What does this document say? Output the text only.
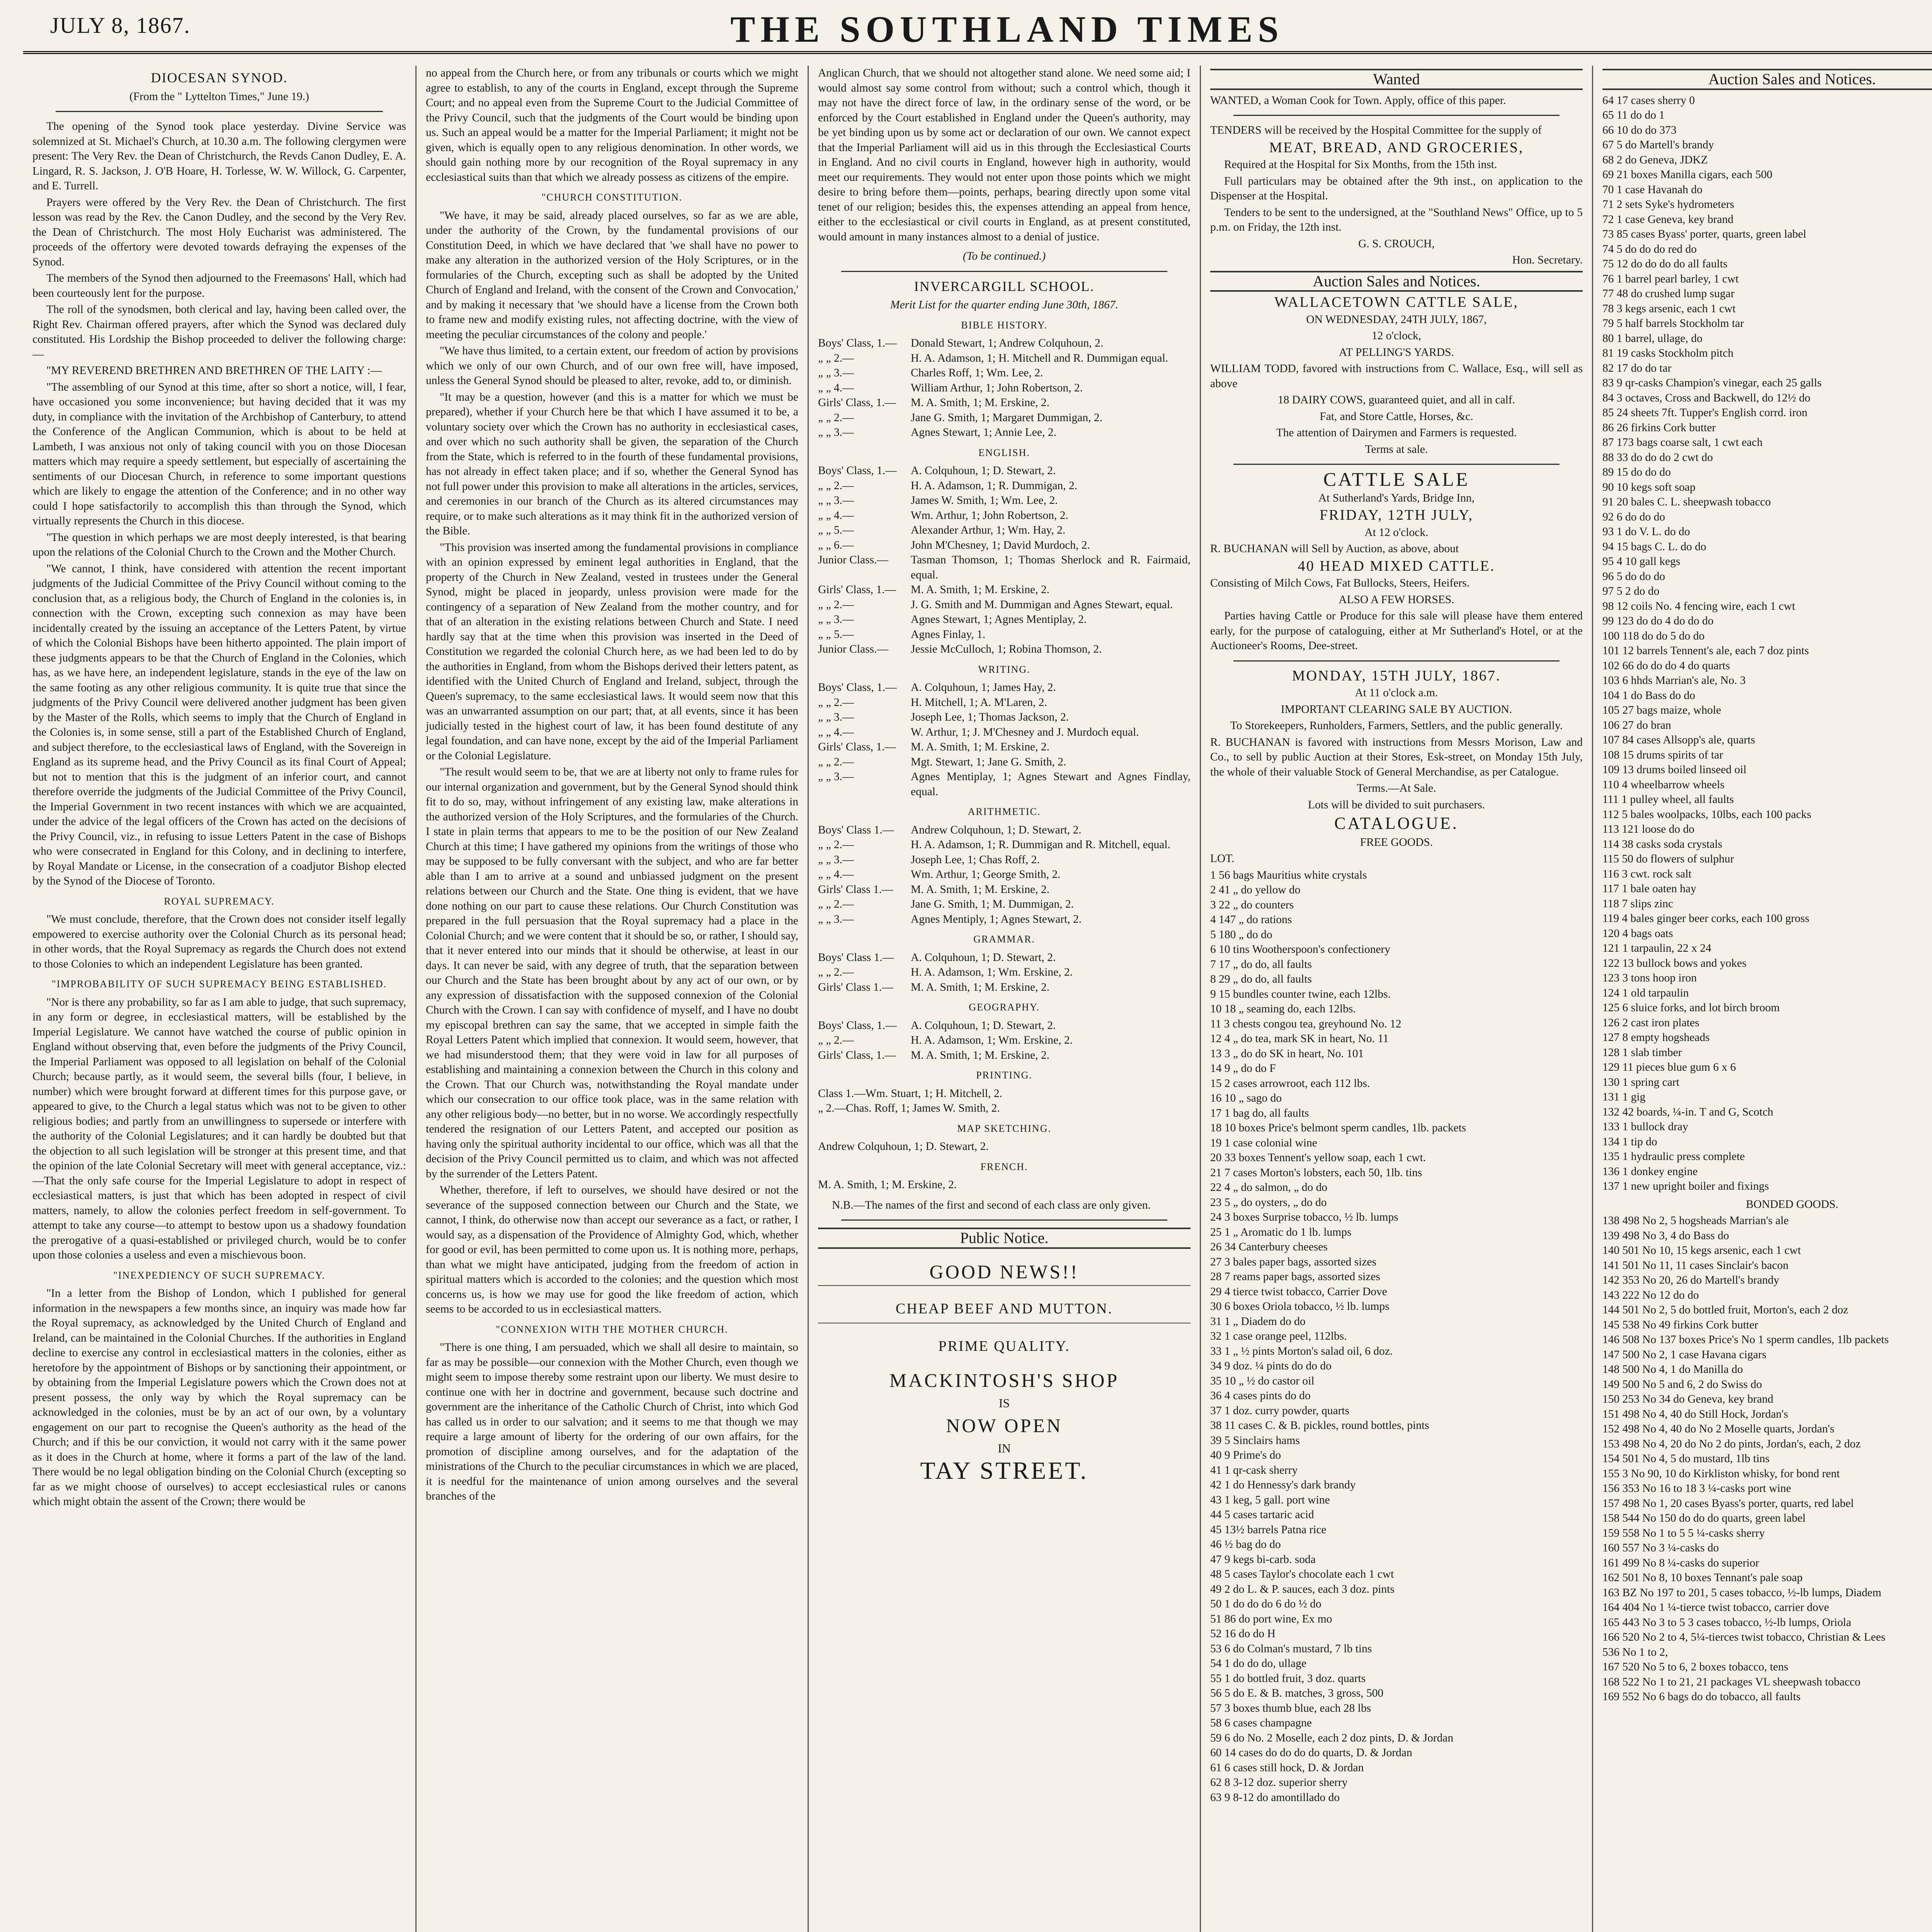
JULY 8, 1867.	THE SOUTHLAND TIMES
DIOCESAN SYNOD.

(From the " Lyttelton Times," June 19.)

The opening of the Synod took place yesterday. Divine Service was solemnized at St. Michael's Church, at 10.30 a.m. The following clergymen were present: The Very Rev. the Dean of Christchurch, the Revds Canon Dudley, E. A. Lingard, R. S. Jackson, J. O'B Hoare, H. Torlesse, W. W. Willock, G. Carpenter, and E. Turrell.

Prayers were offered by the Very Rev. the Dean of Christchurch. The first lesson was read by the Rev. the Canon Dudley, and the second by the Very Rev. the Dean of Christchurch. The most Holy Eucharist was administered. The proceeds of the offertory were devoted towards defraying the expenses of the Synod.

The members of the Synod then adjourned to the Freemasons' Hall, which had been courteously lent for the purpose.

The roll of the synodsmen, both clerical and lay, having been called over, the Right Rev. Chairman offered prayers, after which the Synod was declared duly constituted. His Lordship the Bishop proceeded to deliver the following charge:—

"MY REVEREND BRETHREN AND BRETHREN OF THE LAITY :—

"The assembling of our Synod at this time, after so short a notice, will, I fear, have occasioned you some inconvenience; but having decided that it was my duty, in compliance with the invitation of the Archbishop of Canterbury, to attend the Conference of the Anglican Communion, which is about to be held at Lambeth, I was anxious not only of taking council with you on those Diocesan matters which may require a speedy settlement, but especially of ascertaining the sentiments of our Diocesan Church, in reference to some important questions which are likely to engage the attention of the Conference; and in no other way could I hope satisfactorily to accomplish this than through the Synod, which virtually represents the Church in this diocese.

"The question in which perhaps we are most deeply interested, is that bearing upon the relations of the Colonial Church to the Crown and the Mother Church.

"We cannot, I think, have considered with attention the recent important judgments of the Judicial Committee of the Privy Council without coming to the conclusion that, as a religious body, the Church of England in the colonies is, in connection with the Crown, excepting such connexion as may have been incidentally created by the issuing an acceptance of the Letters Patent, by virtue of which the Colonial Bishops have been hitherto appointed. The plain import of these judgments appears to be that the Church of England in the Colonies, which has, as we have here, an independent legislature, stands in the eye of the law on the same footing as any other religious community. It is quite true that since the judgments of the Privy Council were delivered another judgment has been given by the Master of the Rolls, which seems to imply that the Church of England in the Colonies is, in some sense, still a part of the Established Church of England, and subject therefore, to the ecclesiastical laws of England, with the Sovereign in England as its supreme head, and the Privy Council as its final Court of Appeal; but not to mention that this is the judgment of an inferior court, and cannot therefore override the judgments of the Judicial Committee of the Privy Council, the Imperial Government in two recent instances with which we are acquainted, under the advice of the legal officers of the Crown has acted on the decisions of the Privy Council, viz., in refusing to issue Letters Patent in the case of Bishops who were consecrated in England for this Colony, and in declining to interfere, by Royal Mandate or License, in the consecration of a coadjutor Bishop elected by the Synod of the Diocese of Toronto.

ROYAL SUPREMACY.

"We must conclude, therefore, that the Crown does not consider itself legally empowered to exercise authority over the Colonial Church as its personal head; in other words, that the Royal Supremacy as regards the Church does not extend to those Colonies to which an independent Legislature has been granted.

"IMPROBABILITY OF SUCH SUPREMACY BEING ESTABLISHED.

"Nor is there any probability, so far as I am able to judge, that such supremacy, in any form or degree, in ecclesiastical matters, will be established by the Imperial Legislature. We cannot have watched the course of public opinion in England without observing that, even before the judgments of the Privy Council, the Imperial Parliament was opposed to all legislation on behalf of the Colonial Church; because partly, as it would seem, the several bills (four, I believe, in number) which were brought forward at different times for this purpose gave, or appeared to give, to the Church a legal status which was not to be given to other religious bodies; and partly from an unwillingness to supersede or interfere with the authority of the Colonial Legislatures; and it can hardly be doubted but that the objection to all such legislation will be stronger at this present time, and that the opinion of the late Colonial Secretary will meet with general acceptance, viz.:—That the only safe course for the Imperial Legislature to adopt in respect of ecclesiastical matters, is just that which has been adopted in respect of civil matters, namely, to allow the colonies perfect freedom in self-government. To attempt to take any course—to attempt to bestow upon us a shadowy foundation the prerogative of a quasi-established or privileged church, would be to confer upon those colonies a useless and even a mischievous boon.

"INEXPEDIENCY OF SUCH SUPREMACY.

"In a letter from the Bishop of London, which I published for general information in the newspapers a few months since, an inquiry was made how far the Royal supremacy, as acknowledged by the United Church of England and Ireland, can be maintained in the Colonial Churches. If the authorities in England decline to exercise any control in ecclesiastical matters in the colonies, either as heretofore by the appointment of Bishops or by sanctioning their appointment, or by obtaining from the Imperial Legislature powers which the Crown does not at present possess, the only way by which the Royal supremacy can be acknowledged in the colonies, must be by an act of our own, by a voluntary engagement on our part to recognise the Queen's authority as the head of the Church; and if this be our conviction, it would not carry with it the same power as it does in the Church at home, where it forms a part of the law of the land. There would be no legal obligation binding on the Colonial Church (excepting so far as we might choose of ourselves) to accept ecclesiastical rules or canons which might obtain the assent of the Crown; there would be

no appeal from the Church here, or from any tribunals or courts which we might agree to establish, to any of the courts in England, except through the Supreme Court; and no appeal even from the Supreme Court to the Judicial Committee of the Privy Council, such that the judgments of the Court would be binding upon us. Such an appeal would be a matter for the Imperial Parliament; it might not be given, which is equally open to any religious denomination. In other words, we should gain nothing more by our recognition of the Royal supremacy in any ecclesiastical suits than that which we already possess as citizens of the empire.

"CHURCH CONSTITUTION.

"We have, it may be said, already placed ourselves, so far as we are able, under the authority of the Crown, by the fundamental provisions of our Constitution Deed, in which we have declared that 'we shall have no power to make any alteration in the authorized version of the Holy Scriptures, or in the formularies of the Church, excepting such as shall be adopted by the United Church of England and Ireland, with the consent of the Crown and Convocation,' and by making it necessary that 'we should have a license from the Crown both to frame new and modify existing rules, not affecting doctrine, with the view of meeting the peculiar circumstances of the colony and people.'

"We have thus limited, to a certain extent, our freedom of action by provisions which we only of our own Church, and of our own free will, have imposed, unless the General Synod should be pleased to alter, revoke, add to, or diminish.

"It may be a question, however (and this is a matter for which we must be prepared), whether if your Church here be that which I have assumed it to be, a voluntary society over which the Crown has no authority in ecclesiastical cases, and over which no such authority shall be given, the separation of the Church from the State, which is referred to in the fourth of these fundamental provisions, has not already in effect taken place; and if so, whether the General Synod has not full power under this provision to make all alterations in the articles, services, and ceremonies in our branch of the Church as its altered circumstances may require, or to make such alterations as it may think fit in the authorized version of the Bible.

"This provision was inserted among the fundamental provisions in compliance with an opinion expressed by eminent legal authorities in England, that the property of the Church in New Zealand, vested in trustees under the General Synod, might be placed in jeopardy, unless provision were made for the contingency of a separation of New Zealand from the mother country, and for that of an alteration in the existing relations between Church and State. I need hardly say that at the time when this provision was inserted in the Deed of Constitution we regarded the colonial Church here, as we had been led to do by the authorities in England, from whom the Bishops derived their letters patent, as identified with the United Church of England and Ireland, subject, through the Queen's supremacy, to the same ecclesiastical laws. It would seem now that this was an unwarranted assumption on our part; that, at all events, since it has been judicially tested in the highest court of law, it has been found destitute of any legal foundation, and can have none, except by the aid of the Imperial Parliament or the Colonial Legislature.

"The result would seem to be, that we are at liberty not only to frame rules for our internal organization and government, but by the General Synod should think fit to do so, may, without infringement of any existing law, make alterations in the authorized version of the Holy Scriptures, and the formularies of the Church. I state in plain terms that appears to me to be the position of our New Zealand Church at this time; I have gathered my opinions from the writings of those who may be supposed to be fully conversant with the subject, and who are far better able than I am to arrive at a sound and unbiassed judgment on the present relations between our Church and the State. One thing is evident, that we have done nothing on our part to cause these relations. Our Church Constitution was prepared in the full persuasion that the Royal supremacy had a place in the Colonial Church; and we were content that it should be so, or rather, I should say, that it never entered into our minds that it should be otherwise, at least in our days. It can never be said, with any degree of truth, that the separation between our Church and the State has been brought about by any act of our own, or by any expression of dissatisfaction with the supposed connexion of the Colonial Church with the Crown. I can say with confidence of myself, and I have no doubt my episcopal brethren can say the same, that we accepted in simple faith the Royal Letters Patent which implied that connexion. It would seem, however, that we had misunderstood them; that they were void in law for all purposes of establishing and maintaining a connexion between the Church in this colony and the Crown. That our Church was, notwithstanding the Royal mandate under which our consecration to our office took place, was in the same relation with any other religious body—no better, but in no worse. We accordingly respectfully tendered the resignation of our Letters Patent, and accepted our position as having only the spiritual authority incidental to our office, which was all that the decision of the Privy Council permitted us to claim, and which was not affected by the surrender of the Letters Patent.

Whether, therefore, if left to ourselves, we should have desired or not the severance of the supposed connection between our Church and the State, we cannot, I think, do otherwise now than accept our severance as a fact, or rather, I would say, as a dispensation of the Providence of Almighty God, which, whether for good or evil, has been permitted to come upon us. It is nothing more, perhaps, than what we might have anticipated, judging from the freedom of action in spiritual matters which is accorded to the colonies; and the question which most concerns us, is how we may use for good the like freedom of action, which seems to be accorded to us in ecclesiastical matters.

"CONNEXION WITH THE MOTHER CHURCH.

"There is one thing, I am persuaded, which we shall all desire to maintain, so far as may be possible—our connexion with the Mother Church, even though we might seem to impose thereby some restraint upon our liberty. We must desire to continue one with her in doctrine and government, because such doctrine and government are the inheritance of the Catholic Church of Christ, into which God has called us in order to our salvation; and it seems to me that though we may require a large amount of liberty for the ordering of our own affairs, for the promotion of discipline among ourselves, and for the adaptation of the ministrations of the Church to the peculiar circumstances in which we are placed, it is needful for the maintenance of union among ourselves and the several branches of the

Anglican Church, that we should not altogether stand alone. We need some aid; I would almost say some control from without; such a control which, though it may not have the direct force of law, in the ordinary sense of the word, or be enforced by the Court established in England under the Queen's authority, may be yet binding upon us by some act or declaration of our own. We cannot expect that the Imperial Parliament will aid us in this through the Ecclesiastical Courts in England. And no civil courts in England, however high in authority, would meet our requirements. They would not enter upon those points which we might desire to bring before them—points, perhaps, bearing directly upon some vital tenet of our religion; besides this, the expenses attending an appeal from hence, either to the ecclesiastical or civil courts in England, as at present constituted, would amount in many instances almost to a denial of justice.

(To be continued.)
INVERCARGILL SCHOOL.

Merit List for the quarter ending June 30th, 1867.

BIBLE HISTORY.
Boys' Class, 1.—	Donald Stewart, 1; Andrew Colquhoun, 2.
„ „ 2.—	H. A. Adamson, 1; H. Mitchell and R. Dummigan equal.
„ „ 3.—	Charles Roff, 1; Wm. Lee, 2.
„ „ 4.—	William Arthur, 1; John Robertson, 2.
Girls' Class, 1.—	M. A. Smith, 1; M. Erskine, 2.
„ „ 2.—	Jane G. Smith, 1; Margaret Dummigan, 2.
„ „ 3.—	Agnes Stewart, 1; Annie Lee, 2.
ENGLISH.
Boys' Class, 1.—	A. Colquhoun, 1; D. Stewart, 2.
„ „ 2.—	H. A. Adamson, 1; R. Dummigan, 2.
„ „ 3.—	James W. Smith, 1; Wm. Lee, 2.
„ „ 4.—	Wm. Arthur, 1; John Robertson, 2.
„ „ 5.—	Alexander Arthur, 1; Wm. Hay, 2.
„ „ 6.—	John M'Chesney, 1; David Murdoch, 2.
Junior Class.—	Tasman Thomson, 1; Thomas Sherlock and R. Fairmaid, equal.
Girls' Class, 1.—	M. A. Smith, 1; M. Erskine, 2.
„ „ 2.—	J. G. Smith and M. Dummigan and Agnes Stewart, equal.
„ „ 3.—	Agnes Stewart, 1; Agnes Mentiplay, 2.
„ „ 5.—	Agnes Finlay, 1.
Junior Class.—	Jessie McCulloch, 1; Robina Thomson, 2.
WRITING.
Boys' Class, 1.—	A. Colquhoun, 1; James Hay, 2.
„ „ 2.—	H. Mitchell, 1; A. M'Laren, 2.
„ „ 3.—	Joseph Lee, 1; Thomas Jackson, 2.
„ „ 4.—	W. Arthur, 1; J. M'Chesney and J. Murdoch equal.
Girls' Class, 1.—	M. A. Smith, 1; M. Erskine, 2.
„ „ 2.—	Mgt. Stewart, 1; Jane G. Smith, 2.
„ „ 3.—	Agnes Mentiplay, 1; Agnes Stewart and Agnes Findlay, equal.
ARITHMETIC.
Boys' Class 1.—	Andrew Colquhoun, 1; D. Stewart, 2.
„ „ 2.—	H. A. Adamson, 1; R. Dummigan and R. Mitchell, equal.
„ „ 3.—	Joseph Lee, 1; Chas Roff, 2.
„ „ 4.—	Wm. Arthur, 1; George Smith, 2.
Girls' Class 1.—	M. A. Smith, 1; M. Erskine, 2.
„ „ 2.—	Jane G. Smith, 1; M. Dummigan, 2.
„ „ 3.—	Agnes Mentiply, 1; Agnes Stewart, 2.
GRAMMAR.
Boys' Class 1.—	A. Colquhoun, 1; D. Stewart, 2.
„ „ 2.—	H. A. Adamson, 1; Wm. Erskine, 2.
Girls' Class 1.—	M. A. Smith, 1; M. Erskine, 2.
GEOGRAPHY.
Boys' Class, 1.—	A. Colquhoun, 1; D. Stewart, 2.
„ „ 2.—	H. A. Adamson, 1; Wm. Erskine, 2.
Girls' Class, 1.—	M. A. Smith, 1; M. Erskine, 2.
PRINTING.

Class 1.—Wm. Stuart, 1; H. Mitchell, 2.
„ 2.—Chas. Roff, 1; James W. Smith, 2.

MAP SKETCHING.

Andrew Colquhoun, 1; D. Stewart, 2.

FRENCH.

M. A. Smith, 1; M. Erskine, 2.

N.B.—The names of the first and second of each class are only given.

Public Notice.
GOOD NEWS!!
CHEAP BEEF AND MUTTON.
PRIME QUALITY.
MACKINTOSH'S SHOP
IS
NOW OPEN
IN
TAY STREET.
Wanted

WANTED, a Woman Cook for Town. Apply, office of this paper.

TENDERS will be received by the Hospital Committee for the supply of

MEAT, BREAD, AND GROCERIES,

Required at the Hospital for Six Months, from the 15th inst.

Full particulars may be obtained after the 9th inst., on application to the Dispenser at the Hospital.

Tenders to be sent to the undersigned, at the "Southland News" Office, up to 5 p.m. on Friday, the 12th inst.

G. S. CROUCH,

Hon. Secretary.

Auction Sales and Notices.
WALLACETOWN CATTLE SALE,

ON WEDNESDAY, 24TH JULY, 1867,

12 o'clock,

AT PELLING'S YARDS.

WILLIAM TODD, favored with instructions from C. Wallace, Esq., will sell as above

18 DAIRY COWS, guaranteed quiet, and all in calf.

Fat, and Store Cattle, Horses, &c.

The attention of Dairymen and Farmers is requested.

Terms at sale.

CATTLE SALE

At Sutherland's Yards, Bridge Inn,

FRIDAY, 12TH JULY,

At 12 o'clock.

R. BUCHANAN will Sell by Auction, as above, about

40 HEAD MIXED CATTLE.

Consisting of Milch Cows, Fat Bullocks, Steers, Heifers.

ALSO A FEW HORSES.

Parties having Cattle or Produce for this sale will please have them entered early, for the purpose of cataloguing, either at Mr Sutherland's Hotel, or at the Auctioneer's Rooms, Dee-street.

MONDAY, 15TH JULY, 1867.

At 11 o'clock a.m.

IMPORTANT CLEARING SALE BY AUCTION.

To Storekeepers, Runholders, Farmers, Settlers, and the public generally.

R. BUCHANAN is favored with instructions from Messrs Morison, Law and Co., to sell by public Auction at their Stores, Esk-street, on Monday 15th July, the whole of their valuable Stock of General Merchandise, as per Catalogue.

Terms.—At Sale.

Lots will be divided to suit purchasers.

CATALOGUE.

FREE GOODS.

LOT.

1 56 bags Mauritius white crystals
2 41 „ do yellow do
3 22 „ do counters
4 147 „ do rations
5 180 „ do do
6 10 tins Wootherspoon's confectionery
7 17 „ do do, all faults
8 29 „ do do, all faults
9 15 bundles counter twine, each 12lbs.
10 18 „ seaming do, each 12lbs.
11 3 chests congou tea, greyhound No. 12
12 4 „ do tea, mark SK in heart, No. 11
13 3 „ do do SK in heart, No. 101
14 9 „ do do F
15 2 cases arrowroot, each 112 lbs.
16 10 „ sago do
17 1 bag do, all faults
18 10 boxes Price's belmont sperm candles, 1lb. packets
19 1 case colonial wine
20 33 boxes Tennent's yellow soap, each 1 cwt.
21 7 cases Morton's lobsters, each 50, 1lb. tins
22 4 „ do salmon, „ do do
23 5 „ do oysters, „ do do
24 3 boxes Surprise tobacco, ½ lb. lumps
25 1 „ Aromatic do 1 lb. lumps
26 34 Canterbury cheeses
27 3 bales paper bags, assorted sizes
28 7 reams paper bags, assorted sizes
29 4 tierce twist tobacco, Carrier Dove
30 6 boxes Oriola tobacco, ½ lb. lumps
31 1 „ Diadem do do
32 1 case orange peel, 112lbs.
33 1 „ ½ pints Morton's salad oil, 6 doz.
34 9 doz. ¼ pints do do do
35 10 „ ½ do castor oil
36 4 cases pints do do
37 1 doz. curry powder, quarts
38 11 cases C. & B. pickles, round bottles, pints
39 5 Sinclairs hams
40 9 Prime's do
41 1 qr-cask sherry
42 1 do Hennessy's dark brandy
43 1 keg, 5 gall. port wine
44 5 cases tartaric acid
45 13½ barrels Patna rice
46 ½ bag do do
47 9 kegs bi-carb. soda
48 5 cases Taylor's chocolate each 1 cwt
49 2 do L. & P. sauces, each 3 doz. pints
50 1 do do do 6 do ½ do
51 86 do port wine, Ex mo
52 16 do do H
53 6 do Colman's mustard, 7 lb tins
54 1 do do do, ullage
55 1 do bottled fruit, 3 doz. quarts
56 5 do E. & B. matches, 3 gross, 500
57 3 boxes thumb blue, each 28 lbs
58 6 cases champagne
59 6 do No. 2 Moselle, each 2 doz pints, D. & Jordan
60 14 cases do do do do quarts, D. & Jordan
61 6 cases still hock, D. & Jordan
62 8 3-12 doz. superior sherry
63 9 8-12 do amontillado do
Auction Sales and Notices.
64 17 cases sherry 0
65 11 do do 1
66 10 do do 373
67 5 do Martell's brandy
68 2 do Geneva, JDKZ
69 21 boxes Manilla cigars, each 500
70 1 case Havanah do
71 2 sets Syke's hydrometers
72 1 case Geneva, key brand
73 85 cases Byass' porter, quarts, green label
74 5 do do do red do
75 12 do do do do all faults
76 1 barrel pearl barley, 1 cwt
77 48 do crushed lump sugar
78 3 kegs arsenic, each 1 cwt
79 5 half barrels Stockholm tar
80 1 barrel, ullage, do
81 19 casks Stockholm pitch
82 17 do do tar
83 9 qr-casks Champion's vinegar, each 25 galls
84 3 octaves, Cross and Backwell, do 12½ do
85 24 sheets 7ft. Tupper's English corrd. iron
86 26 firkins Cork butter
87 173 bags coarse salt, 1 cwt each
88 33 do do do 2 cwt do
89 15 do do do
90 10 kegs soft soap
91 20 bales C. L. sheepwash tobacco
92 6 do do do
93 1 do V. L. do do
94 15 bags C. L. do do
95 4 10 gall kegs
96 5 do do do
97 5 2 do do
98 12 coils No. 4 fencing wire, each 1 cwt
99 123 do do 4 do do do
100 118 do do 5 do do
101 12 barrels Tennent's ale, each 7 doz pints
102 66 do do do 4 do quarts
103 6 hhds Marrian's ale, No. 3
104 1 do Bass do do
105 27 bags maize, whole
106 27 do bran
107 84 cases Allsopp's ale, quarts
108 15 drums spirits of tar
109 13 drums boiled linseed oil
110 4 wheelbarrow wheels
111 1 pulley wheel, all faults
112 5 bales woolpacks, 10lbs, each 100 packs
113 121 loose do do
114 38 casks soda crystals
115 50 do flowers of sulphur
116 3 cwt. rock salt
117 1 bale oaten hay
118 7 slips zinc
119 4 bales ginger beer corks, each 100 gross
120 4 bags oats
121 1 tarpaulin, 22 x 24
122 13 bullock bows and yokes
123 3 tons hoop iron
124 1 old tarpaulin
125 6 sluice forks, and lot birch broom
126 2 cast iron plates
127 8 empty hogsheads
128 1 slab timber
129 11 pieces blue gum 6 x 6
130 1 spring cart
131 1 gig
132 42 boards, ¼-in. T and G, Scotch
133 1 bullock dray
134 1 tip do
135 1 hydraulic press complete
136 1 donkey engine
137 1 new upright boiler and fixings

BONDED GOODS.

138 498 No 2, 5 hogsheads Marrian's ale
139 498 No 3, 4 do Bass do
140 501 No 10, 15 kegs arsenic, each 1 cwt
141 501 No 11, 11 cases Sinclair's bacon
142 353 No 20, 26 do Martell's brandy
143 222 No 12 do do
144 501 No 2, 5 do bottled fruit, Morton's, each 2 doz
145 538 No 49 firkins Cork butter
146 508 No 137 boxes Price's No 1 sperm candles, 1lb packets
147 500 No 2, 1 case Havana cigars
148 500 No 4, 1 do Manilla do
149 500 No 5 and 6, 2 do Swiss do
150 253 No 34 do Geneva, key brand
151 498 No 4, 40 do Still Hock, Jordan's
152 498 No 4, 40 do No 2 Moselle quarts, Jordan's
153 498 No 4, 20 do No 2 do pints, Jordan's, each, 2 doz
154 501 No 4, 5 do mustard, 1lb tins
155 3 No 90, 10 do Kirkliston whisky, for bond rent
156 353 No 16 to 18 3 ¼-casks port wine
157 498 No 1, 20 cases Byass's porter, quarts, red label
158 544 No 150 do do do quarts, green label
159 558 No 1 to 5 5 ¼-casks sherry
160 557 No 3 ¼-casks do
161 499 No 8 ¼-casks do superior
162 501 No 8, 10 boxes Tennant's pale soap
163 BZ No 197 to 201, 5 cases tobacco, ½-lb lumps, Diadem
164 404 No 1 ¼-tierce twist tobacco, carrier dove
165 443 No 3 to 5 3 cases tobacco, ½-lb lumps, Oriola
166 520 No 2 to 4, 5¼-tierces twist tobacco, Christian & Lees
536 No 1 to 2,
167 520 No 5 to 6, 2 boxes tobacco, tens
168 522 No 1 to 21, 21 packages VL sheepwash tobacco
169 552 No 6 bags do do tobacco, all faults
